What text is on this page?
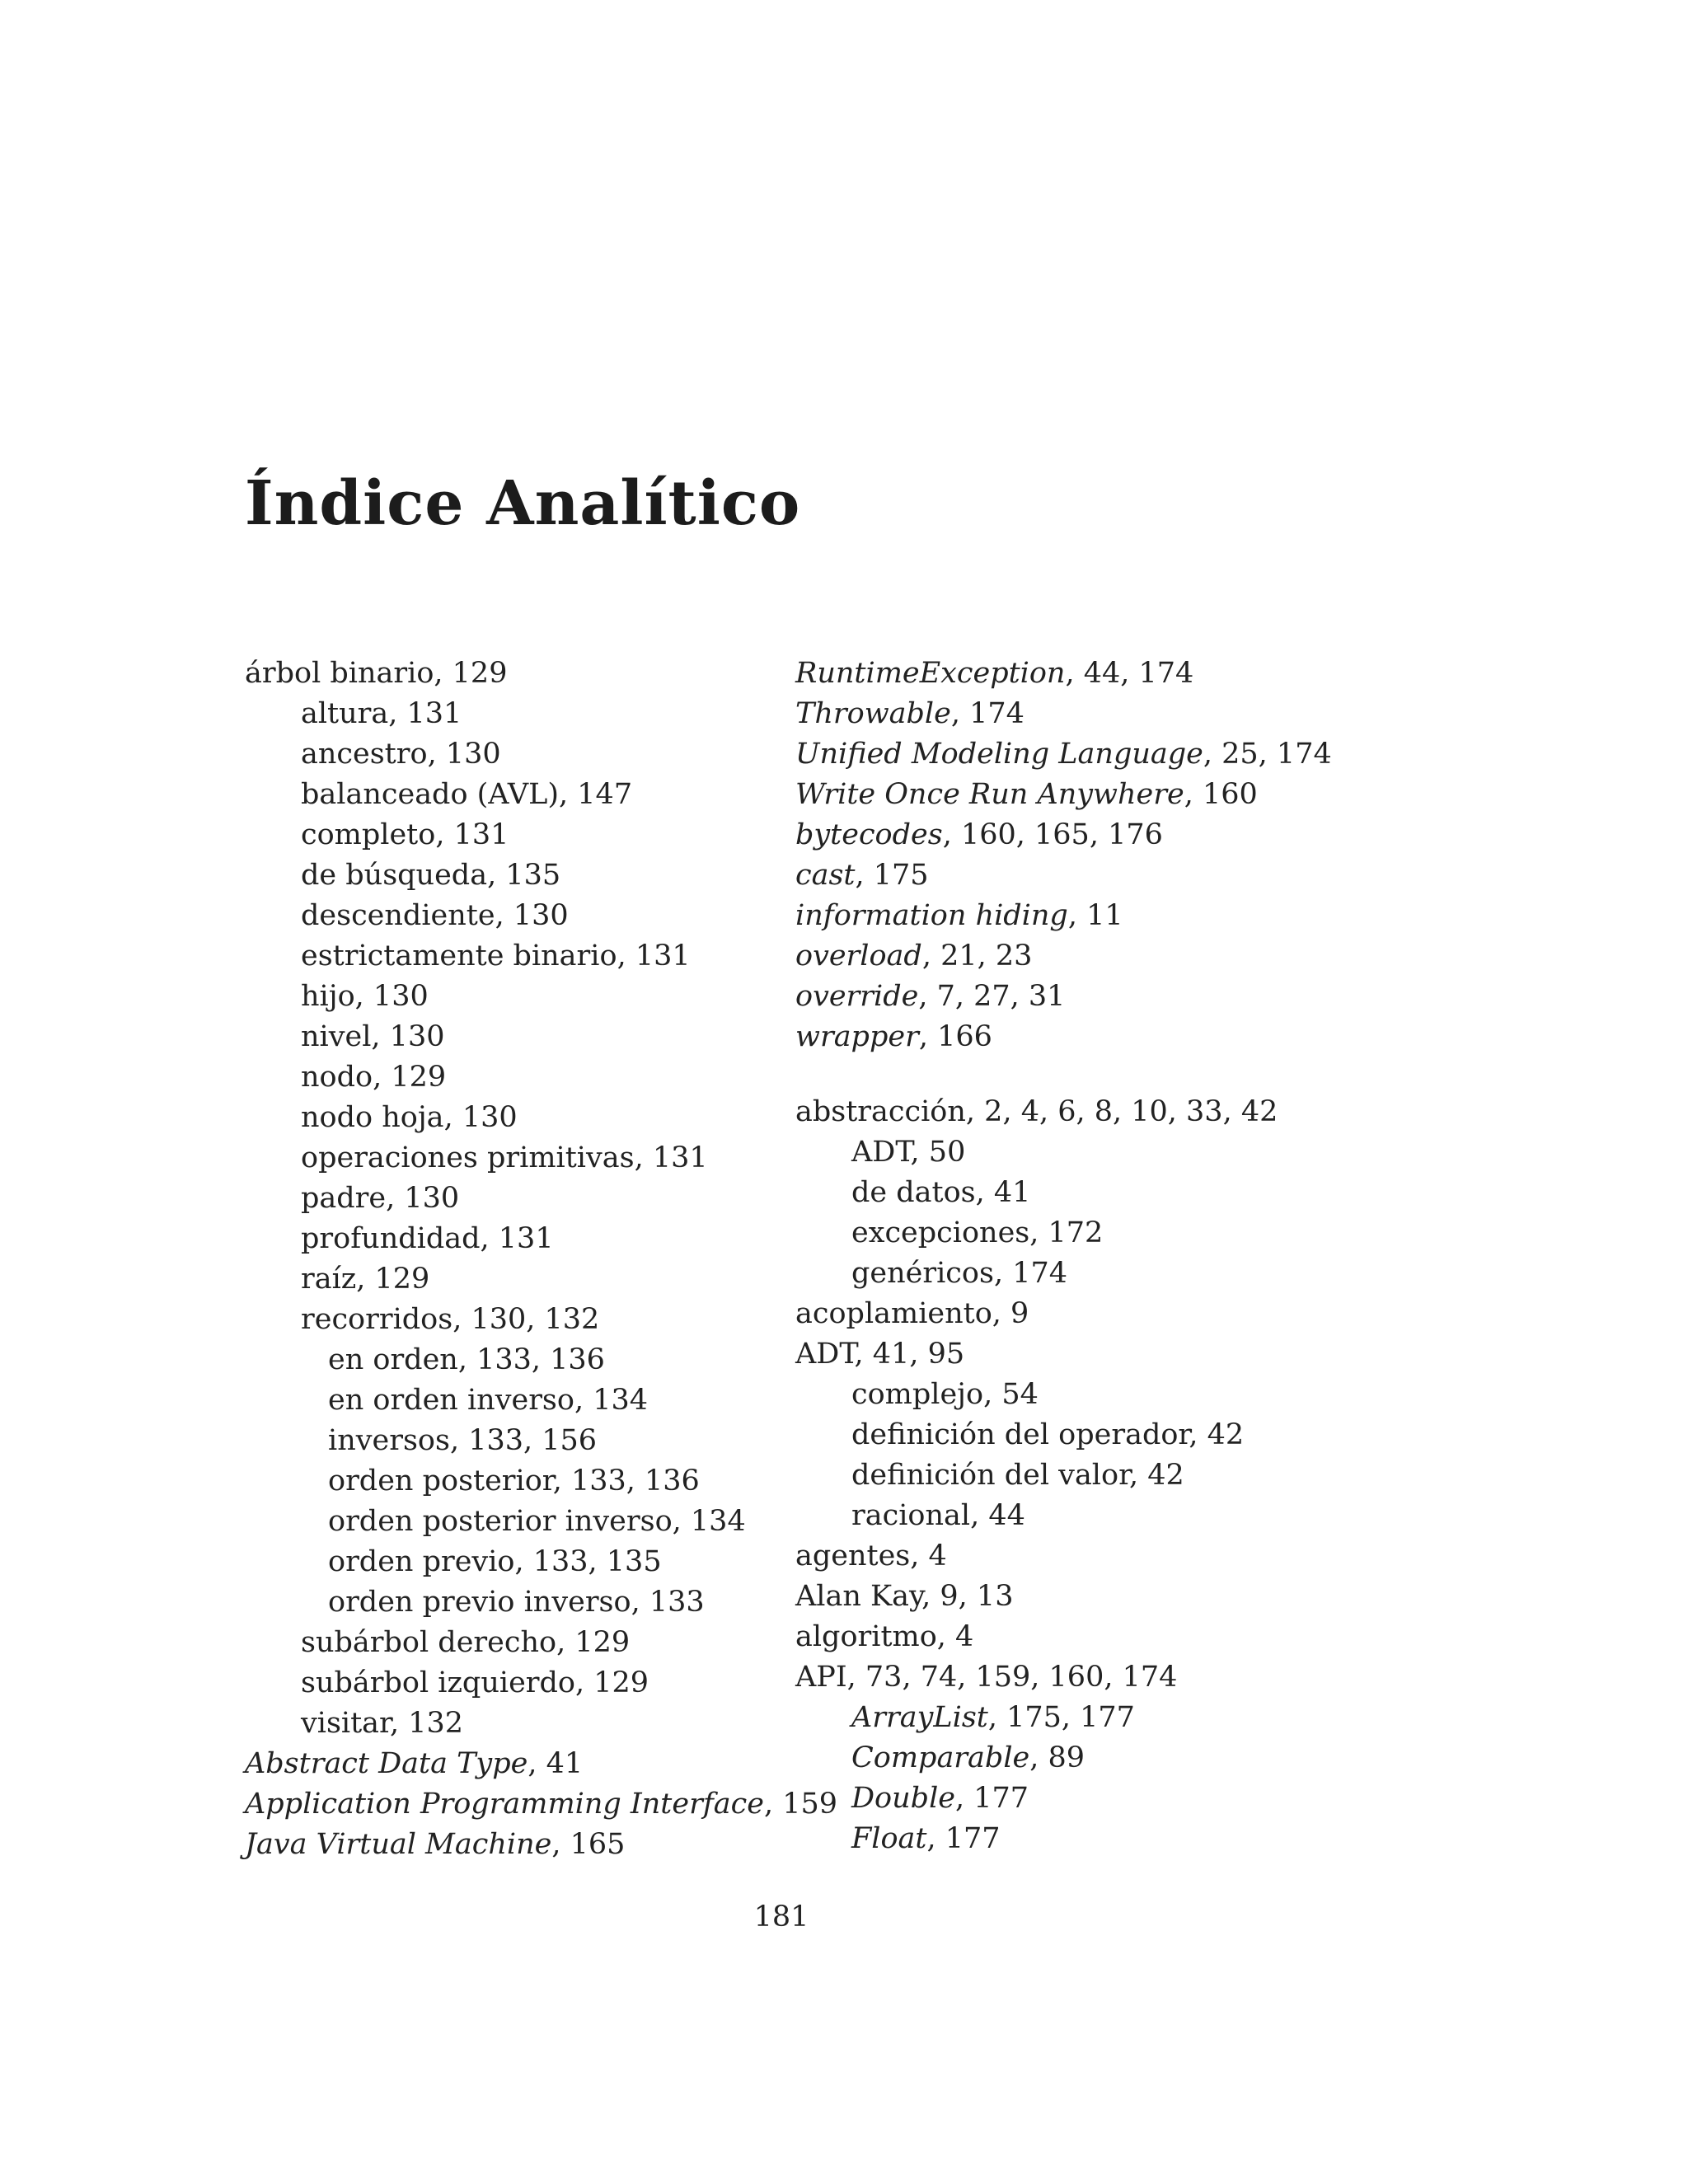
Índice Analítico
árbol binario, 129
altura, 131
ancestro, 130
balanceado (AVL), 147
completo, 131
de búsqueda, 135
descendiente, 130
estrictamente binario, 131
hijo, 130
nivel, 130
nodo, 129
nodo hoja, 130
operaciones primitivas, 131
padre, 130
profundidad, 131
raíz, 129
recorridos, 130, 132
en orden, 133, 136
en orden inverso, 134
inversos, 133, 156
orden posterior, 133, 136
orden posterior inverso, 134
orden previo, 133, 135
orden previo inverso, 133
subárbol derecho, 129
subárbol izquierdo, 129
visitar, 132
Abstract Data Type, 41
Application Programming Interface, 159
Java Virtual Machine, 165
RuntimeException, 44, 174
Throwable, 174
Unified Modeling Language, 25, 174
Write Once Run Anywhere, 160
bytecodes, 160, 165, 176
cast, 175
information hiding, 11
overload, 21, 23
override, 7, 27, 31
wrapper, 166
abstracción, 2, 4, 6, 8, 10, 33, 42
ADT, 50
de datos, 41
excepciones, 172
genéricos, 174
acoplamiento, 9
ADT, 41, 95
complejo, 54
definición del operador, 42
definición del valor, 42
racional, 44
agentes, 4
Alan Kay, 9, 13
algoritmo, 4
API, 73, 74, 159, 160, 174
ArrayList, 175, 177
Comparable, 89
Double, 177
Float, 177
181
